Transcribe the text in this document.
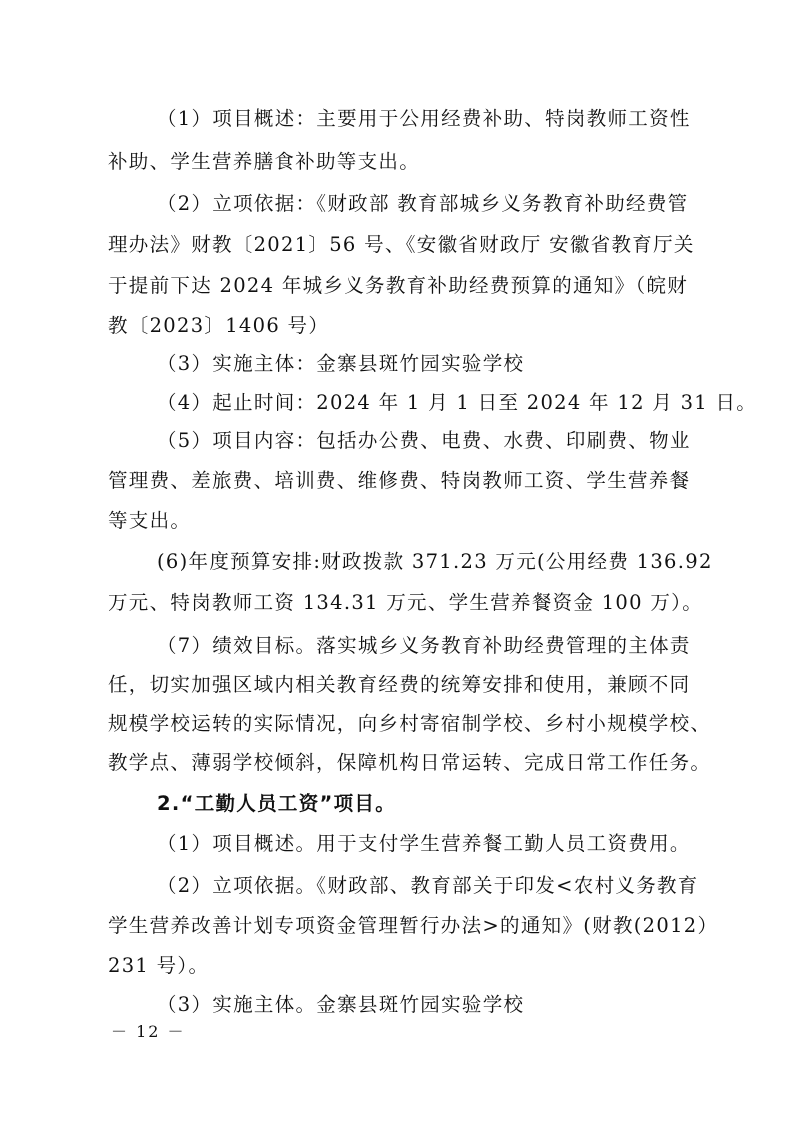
（1）项目概述：主要用于公用经费补助、特岗教师工资性
补助、学生营养膳食补助等支出。
（2）立项依据：《财政部 教育部城乡义务教育补助经费管
理办法》财教〔2021〕56 号、《安徽省财政厅 安徽省教育厅关
于提前下达 2024 年城乡义务教育补助经费预算的通知》（皖财
教〔2023〕1406 号）
（3）实施主体：金寨县斑竹园实验学校
（4）起止时间：2024 年 1 月 1 日至 2024 年 12 月 31 日。
（5）项目内容：包括办公费、电费、水费、印刷费、物业
管理费、差旅费、培训费、维修费、特岗教师工资、学生营养餐
等支出。
(6)年度预算安排:财政拨款 371.23 万元(公用经费 136.92
万元、特岗教师工资 134.31 万元、学生营养餐资金 100 万）。
（7）绩效目标。落实城乡义务教育补助经费管理的主体责
任，切实加强区域内相关教育经费的统筹安排和使用，兼顾不同
规模学校运转的实际情况，向乡村寄宿制学校、乡村小规模学校、
教学点、薄弱学校倾斜，保障机构日常运转、完成日常工作任务。
2.“工勤人员工资”项目。
（1）项目概述。用于支付学生营养餐工勤人员工资费用。
（2）立项依据。《财政部、教育部关于印发<农村义务教育
学生营养改善计划专项资金管理暂行办法>的通知》(财教(2012）
231 号）。
（3）实施主体。金寨县斑竹园实验学校
－ 12 －
